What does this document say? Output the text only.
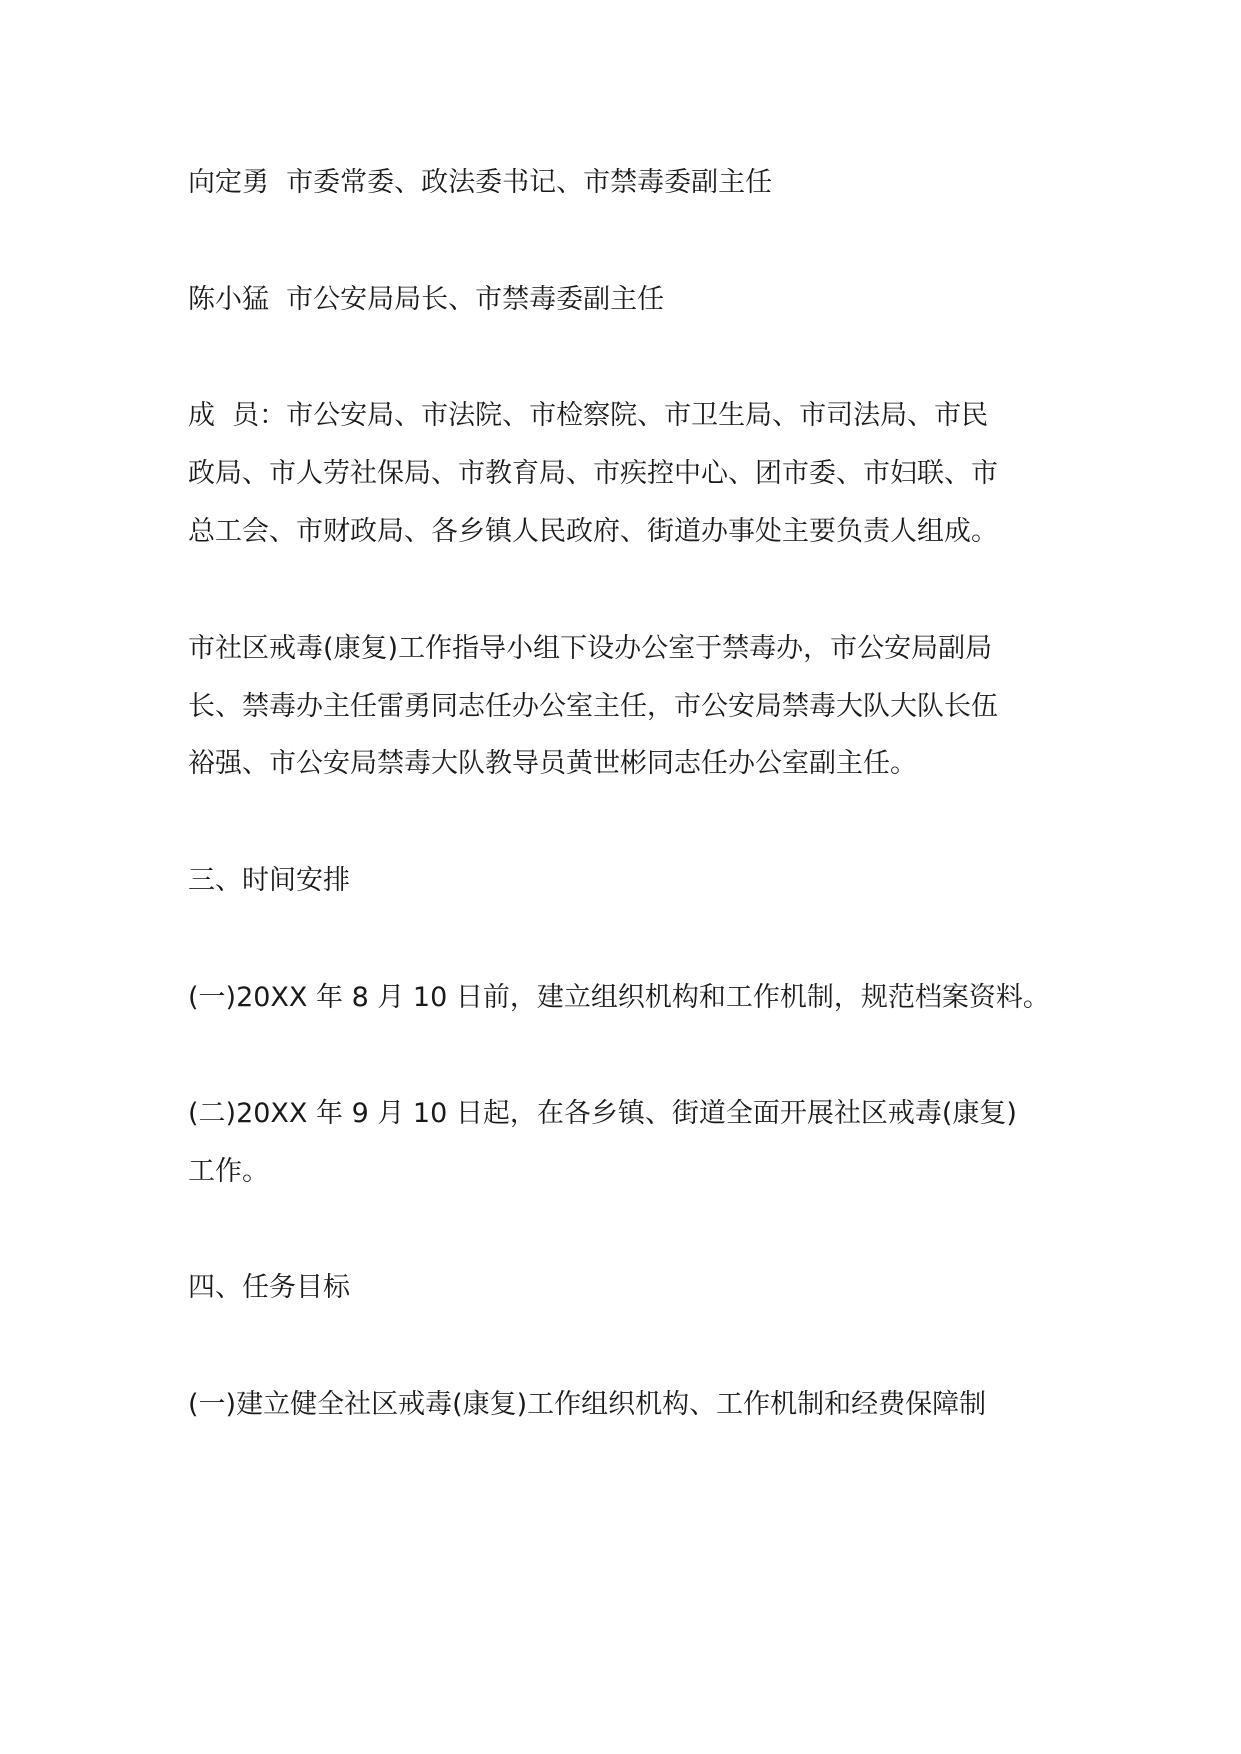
向定勇  市委常委、政法委书记、市禁毒委副主任
陈小猛  市公安局局长、市禁毒委副主任
成  员：市公安局、市法院、市检察院、市卫生局、市司法局、市民
政局、市人劳社保局、市教育局、市疾控中心、团市委、市妇联、市
总工会、市财政局、各乡镇人民政府、街道办事处主要负责人组成。
市社区戒毒(康复)工作指导小组下设办公室于禁毒办，市公安局副局
长、禁毒办主任雷勇同志任办公室主任，市公安局禁毒大队大队长伍
裕强、市公安局禁毒大队教导员黄世彬同志任办公室副主任。
三、时间安排
(一)20XX 年 8 月 10 日前，建立组织机构和工作机制，规范档案资料。
(二)20XX 年 9 月 10 日起，在各乡镇、街道全面开展社区戒毒(康复)
工作。
四、任务目标
(一)建立健全社区戒毒(康复)工作组织机构、工作机制和经费保障制
